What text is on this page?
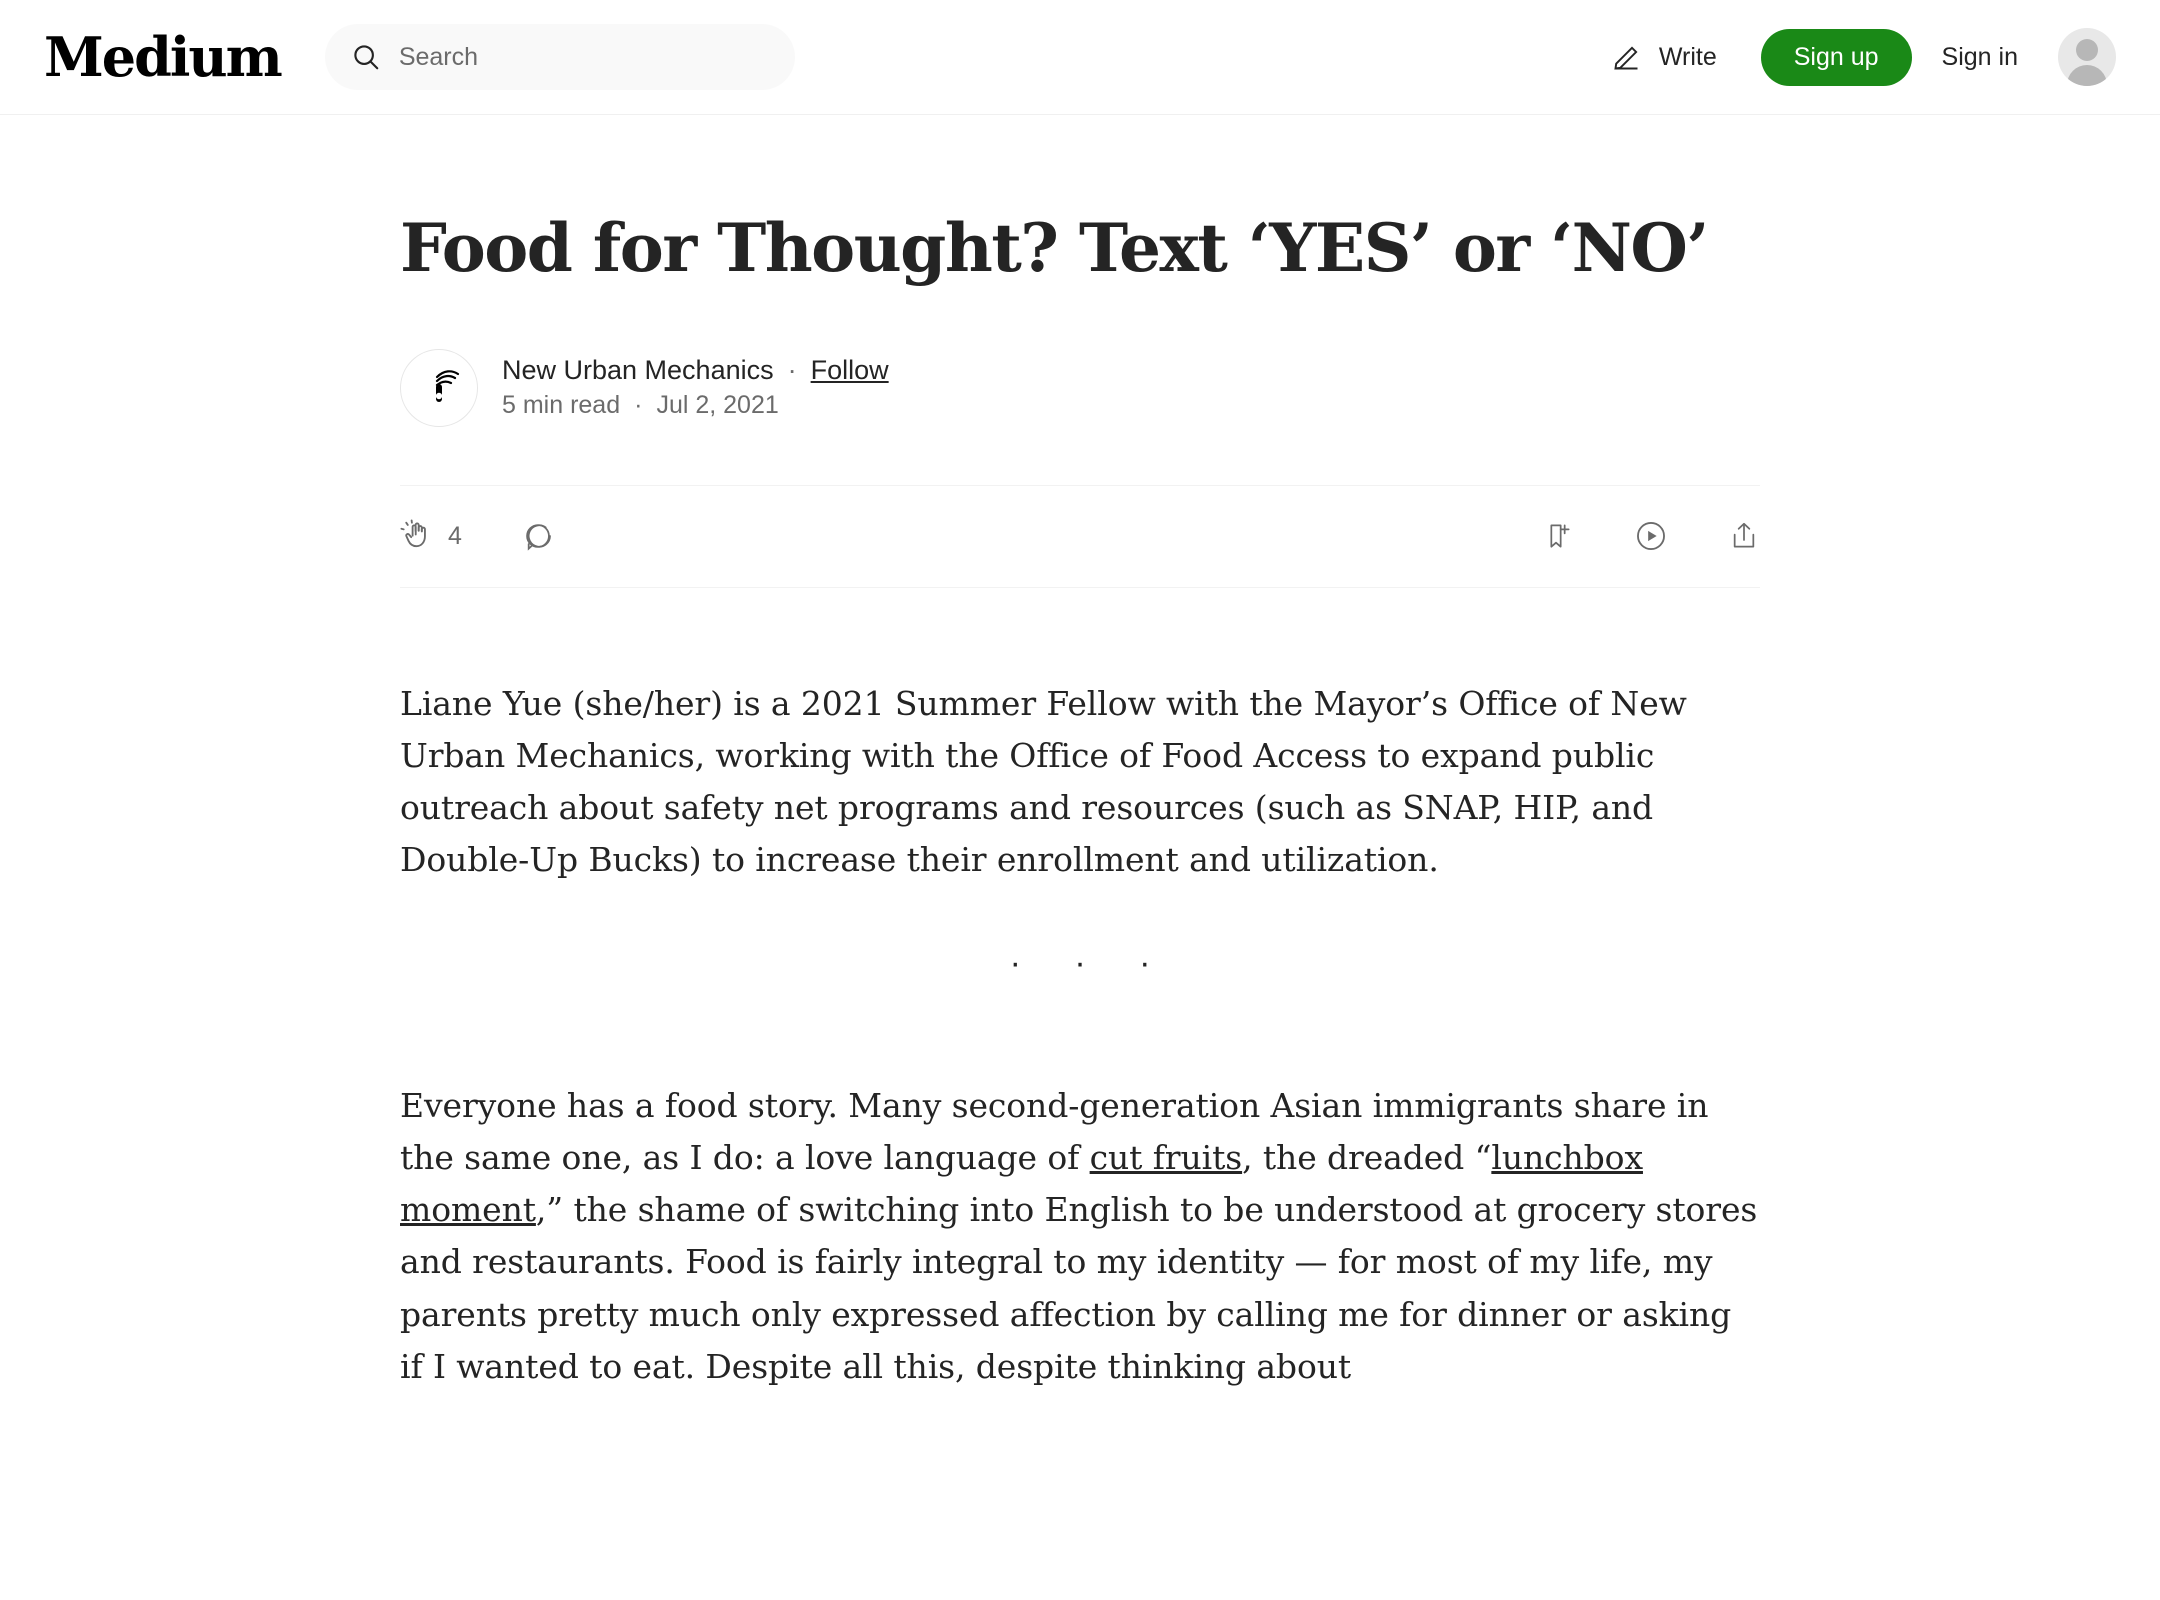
Medium
Search	Write	Sign up	Sign in
Food for Thought? Text ‘YES’ or ‘NO’
New Urban Mechanics · Follow
5 min read · Jul 2, 2021
4

Liane Yue (she/her) is a 2021 Summer Fellow with the Mayor’s Office of New Urban Mechanics, working with the Office of Food Access to expand public outreach about safety net programs and resources (such as SNAP, HIP, and Double-Up Bucks) to increase their enrollment and utilization.

· · ·

Everyone has a food story. Many second-generation Asian immigrants share in the same one, as I do: a love language of cut fruits, the dreaded “lunchbox moment,” the shame of switching into English to be understood at grocery stores and restaurants. Food is fairly integral to my identity — for most of my life, my parents pretty much only expressed affection by calling me for dinner or asking if I wanted to eat. Despite all this, despite thinking about
